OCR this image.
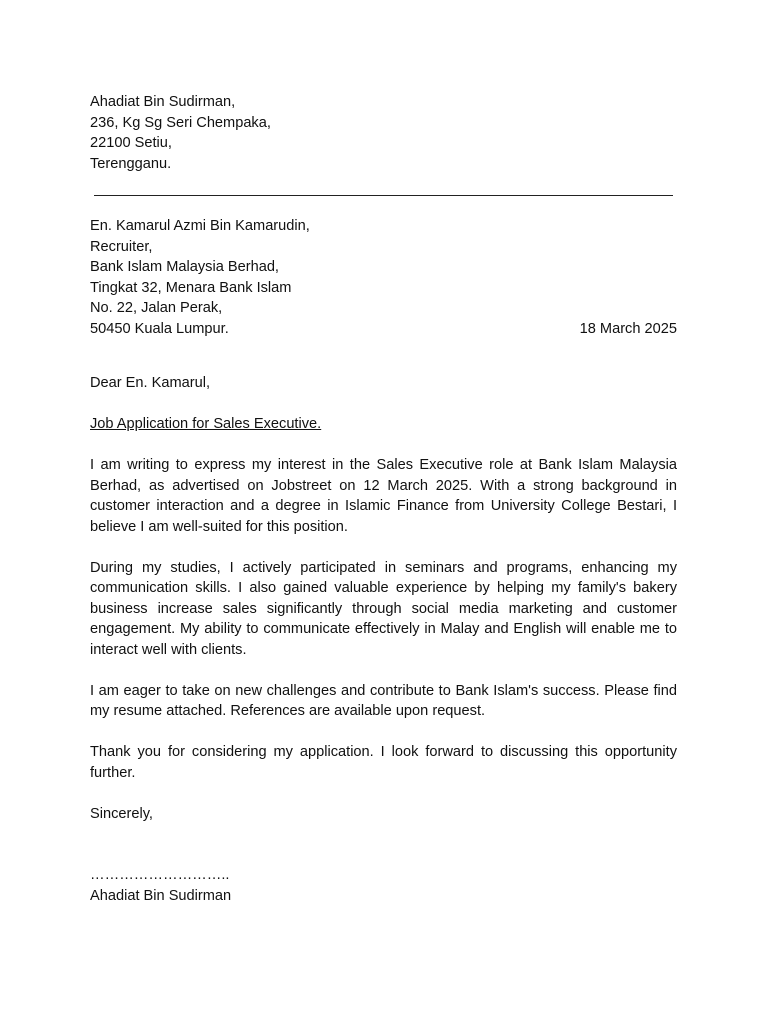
Ahadiat Bin Sudirman,
236, Kg Sg Seri Chempaka,
22100 Setiu,
Terengganu.
En. Kamarul Azmi Bin Kamarudin,
Recruiter,
Bank Islam Malaysia Berhad,
Tingkat 32, Menara Bank Islam
No. 22, Jalan Perak,
50450 Kuala Lumpur.	18 March 2025
Dear En. Kamarul,
Job Application for Sales Executive.

I am writing to express my interest in the Sales Executive role at Bank Islam Malaysia Berhad, as advertised on Jobstreet on 12 March 2025. With a strong background in customer interaction and a degree in Islamic Finance from University College Bestari, I believe I am well-suited for this position.

During my studies, I actively participated in seminars and programs, enhancing my communication skills. I also gained valuable experience by helping my family's bakery business increase sales significantly through social media marketing and customer engagement. My ability to communicate effectively in Malay and English will enable me to interact well with clients.

I am eager to take on new challenges and contribute to Bank Islam's success. Please find my resume attached. References are available upon request.

Thank you for considering my application. I look forward to discussing this opportunity further.

Sincerely,
………………………..
Ahadiat Bin Sudirman
